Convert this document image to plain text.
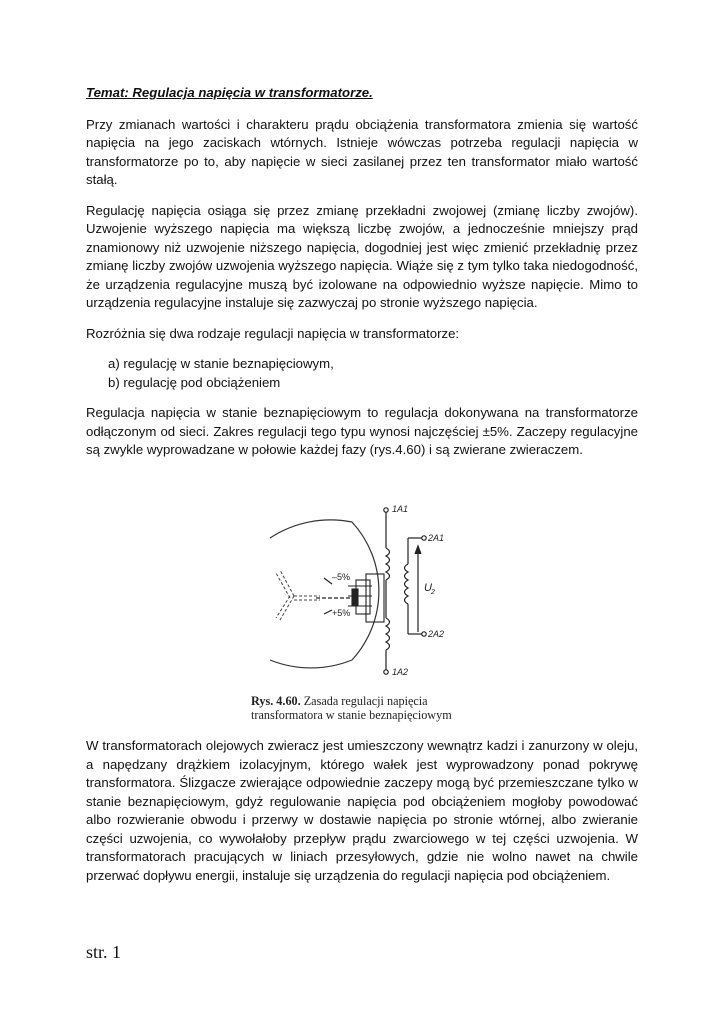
Temat: Regulacja napięcia w transformatorze.

Przy zmianach wartości i charakteru prądu obciążenia transformatora zmienia się wartość napięcia na jego zaciskach wtórnych. Istnieje wówczas potrzeba regulacji napięcia w transformatorze po to, aby napięcie w sieci zasilanej przez ten transformator miało wartość stałą.

Regulację napięcia osiąga się przez zmianę przekładni zwojowej (zmianę liczby zwojów). Uzwojenie wyższego napięcia ma większą liczbę zwojów, a jednocześnie mniejszy prąd znamionowy niż uzwojenie niższego napięcia, dogodniej jest więc zmienić przekładnię przez zmianę liczby zwojów uzwojenia wyższego napięcia. Wiąże się z tym tylko taka niedogodność, że urządzenia regulacyjne muszą być izolowane na odpowiednio wyższe napięcie. Mimo to urządzenia regulacyjne instaluje się zazwyczaj po stronie wyższego napięcia.

Rozróżnia się dwa rodzaje regulacji napięcia w transformatorze:

a) regulację w stanie beznapięciowym,
b) regulację pod obciążeniem

Regulacja napięcia w stanie beznapięciowym to regulacja dokonywana na transformatorze odłączonym od sieci. Zakres regulacji tego typu wynosi najczęściej ±5%. Zaczepy regulacyjne są zwykle wyprowadzane w połowie każdej fazy (rys.4.60) i są zwierane zwieraczem.

1A1
1A2
2A1
2A2
–5%
+5%
U 2
Rys. 4.60. Zasada regulacji napięcia transformatora w stanie beznapięciowym

W transformatorach olejowych zwieracz jest umieszczony wewnątrz kadzi i zanurzony w oleju, a napędzany drążkiem izolacyjnym, którego wałek jest wyprowadzony ponad pokrywę transformatora. Ślizgacze zwierające odpowiednie zaczepy mogą być przemieszczane tylko w stanie beznapięciowym, gdyż regulowanie napięcia pod obciążeniem mogłoby powodować albo rozwieranie obwodu i przerwy w dostawie napięcia po stronie wtórnej, albo zwieranie części uzwojenia, co wywołałoby przepływ prądu zwarciowego w tej części uzwojenia. W transformatorach pracujących w liniach przesyłowych, gdzie nie wolno nawet na chwile przerwać dopływu energii, instaluje się urządzenia do regulacji napięcia pod obciążeniem.

str. 1
